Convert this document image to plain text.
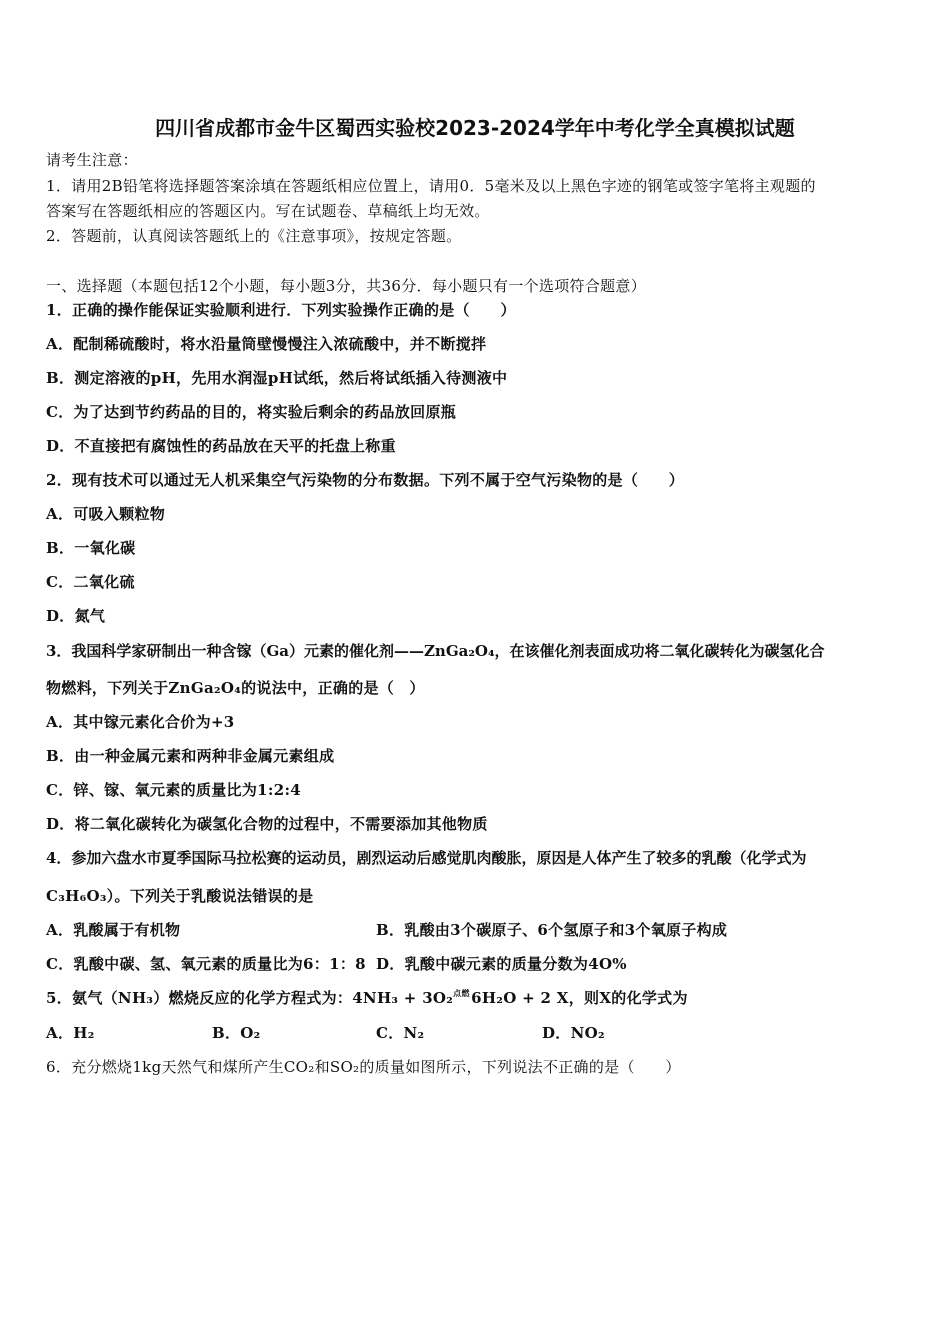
四川省成都市金牛区蜀西实验校2023-2024学年中考化学全真模拟试题
请考生注意：
1．请用2B铅笔将选择题答案涂填在答题纸相应位置上，请用0．5毫米及以上黑色字迹的钢笔或签字笔将主观题的
答案写在答题纸相应的答题区内。写在试题卷、草稿纸上均无效。
2．答题前，认真阅读答题纸上的《注意事项》，按规定答题。
一、选择题（本题包括12个小题，每小题3分，共36分．每小题只有一个选项符合题意）
1．正确的操作能保证实验顺利进行．下列实验操作正确的是（　　）
A．配制稀硫酸时，将水沿量筒壁慢慢注入浓硫酸中，并不断搅拌
B．测定溶液的pH，先用水润湿pH试纸，然后将试纸插入待测液中
C．为了达到节约药品的目的，将实验后剩余的药品放回原瓶
D．不直接把有腐蚀性的药品放在天平的托盘上称重
2．现有技术可以通过无人机采集空气污染物的分布数据。下列不属于空气污染物的是（　　）
A．可吸入颗粒物
B．一氧化碳
C．二氧化硫
D．氮气
3．我国科学家研制出一种含镓（Ga）元素的催化剂——ZnGa₂O₄，在该催化剂表面成功将二氧化碳转化为碳氢化合
物燃料，下列关于ZnGa₂O₄的说法中，正确的是（　）
A．其中镓元素化合价为+3
B．由一种金属元素和两种非金属元素组成
C．锌、镓、氧元素的质量比为1:2:4
D．将二氧化碳转化为碳氢化合物的过程中，不需要添加其他物质
4．参加六盘水市夏季国际马拉松赛的运动员，剧烈运动后感觉肌肉酸胀，原因是人体产生了较多的乳酸（化学式为
C₃H₆O₃）。下列关于乳酸说法错误的是
A．乳酸属于有机物	B．乳酸由3个碳原子、6个氢原子和3个氧原子构成
C．乳酸中碳、氢、氧元素的质量比为6：1：8 D．乳酸中碳元素的质量分数为4O%
5．氨气（NH₃）燃烧反应的化学方程式为：4NH₃ + 3O₂ 点燃 6H₂O + 2 X，则X的化学式为
A．H₂	B．O₂	C．N₂	D．NO₂
6．充分燃烧1kg天然气和煤所产生CO₂和SO₂的质量如图所示，下列说法不正确的是（　　）
